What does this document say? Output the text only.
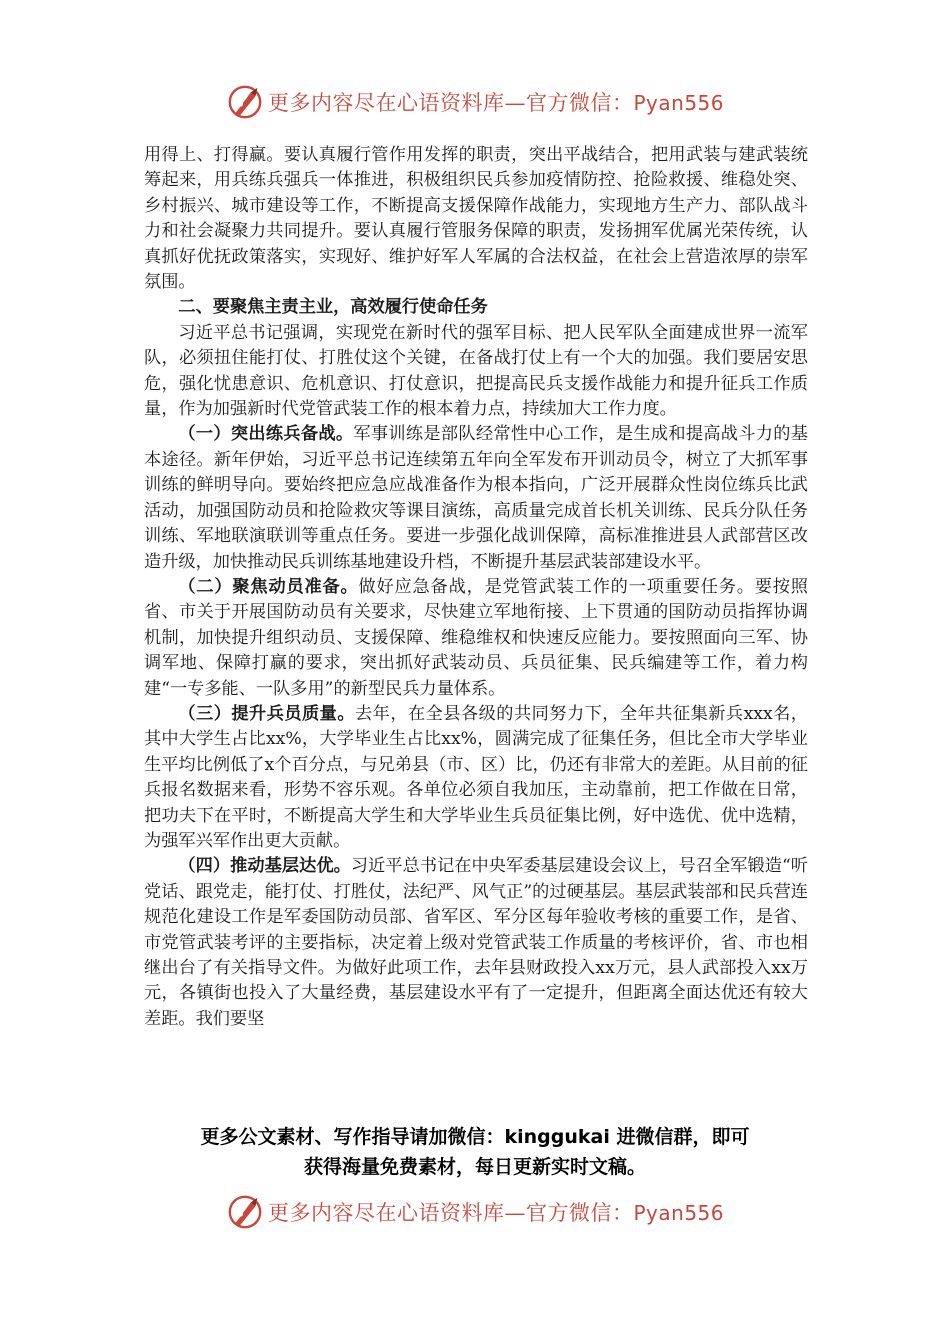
更多内容尽在心语资料库—官方微信：Pyan556

用得上、打得赢。要认真履行管作用发挥的职责，突出平战结合，把用武装与建武装统筹起来，用兵练兵强兵一体推进，积极组织民兵参加疫情防控、抢险救援、维稳处突、乡村振兴、城市建设等工作，不断提高支援保障作战能力，实现地方生产力、部队战斗力和社会凝聚力共同提升。要认真履行管服务保障的职责，发扬拥军优属光荣传统，认真抓好优抚政策落实，实现好、维护好军人军属的合法权益，在社会上营造浓厚的崇军氛围。

二、要聚焦主责主业，高效履行使命任务

习近平总书记强调，实现党在新时代的强军目标、把人民军队全面建成世界一流军队，必须扭住能打仗、打胜仗这个关键，在备战打仗上有一个大的加强。我们要居安思危，强化忧患意识、危机意识、打仗意识，把提高民兵支援作战能力和提升征兵工作质量，作为加强新时代党管武装工作的根本着力点，持续加大工作力度。

（一）突出练兵备战。军事训练是部队经常性中心工作，是生成和提高战斗力的基本途径。新年伊始，习近平总书记连续第五年向全军发布开训动员令，树立了大抓军事训练的鲜明导向。要始终把应急应战准备作为根本指向，广泛开展群众性岗位练兵比武活动，加强国防动员和抢险救灾等课目演练，高质量完成首长机关训练、民兵分队任务训练、军地联演联训等重点任务。要进一步强化战训保障，高标准推进县人武部营区改造升级，加快推动民兵训练基地建设升档，不断提升基层武装部建设水平。

（二）聚焦动员准备。做好应急备战，是党管武装工作的一项重要任务。要按照省、市关于开展国防动员有关要求，尽快建立军地衔接、上下贯通的国防动员指挥协调机制，加快提升组织动员、支援保障、维稳维权和快速反应能力。要按照面向三军、协调军地、保障打赢的要求，突出抓好武装动员、兵员征集、民兵编建等工作，着力构建“一专多能、一队多用”的新型民兵力量体系。

（三）提升兵员质量。去年，在全县各级的共同努力下，全年共征集新兵xxx名，其中大学生占比xx%，大学毕业生占比xx%，圆满完成了征集任务，但比全市大学毕业生平均比例低了x个百分点，与兄弟县（市、区）比，仍还有非常大的差距。从目前的征兵报名数据来看，形势不容乐观。各单位必须自我加压，主动靠前，把工作做在日常，把功夫下在平时，不断提高大学生和大学毕业生兵员征集比例，好中选优、优中选精，为强军兴军作出更大贡献。

（四）推动基层达优。习近平总书记在中央军委基层建设会议上，号召全军锻造“听党话、跟党走，能打仗、打胜仗，法纪严、风气正”的过硬基层。基层武装部和民兵营连规范化建设工作是军委国防动员部、省军区、军分区每年验收考核的重要工作，是省、市党管武装考评的主要指标，决定着上级对党管武装工作质量的考核评价，省、市也相继出台了有关指导文件。为做好此项工作，去年县财政投入xx万元，县人武部投入xx万元，各镇街也投入了大量经费，基层建设水平有了一定提升，但距离全面达优还有较大差距。我们要坚

更多公文素材、写作指导请加微信：kinggukai 进微信群，即可
获得海量免费素材，每日更新实时文稿。
更多内容尽在心语资料库—官方微信：Pyan556
